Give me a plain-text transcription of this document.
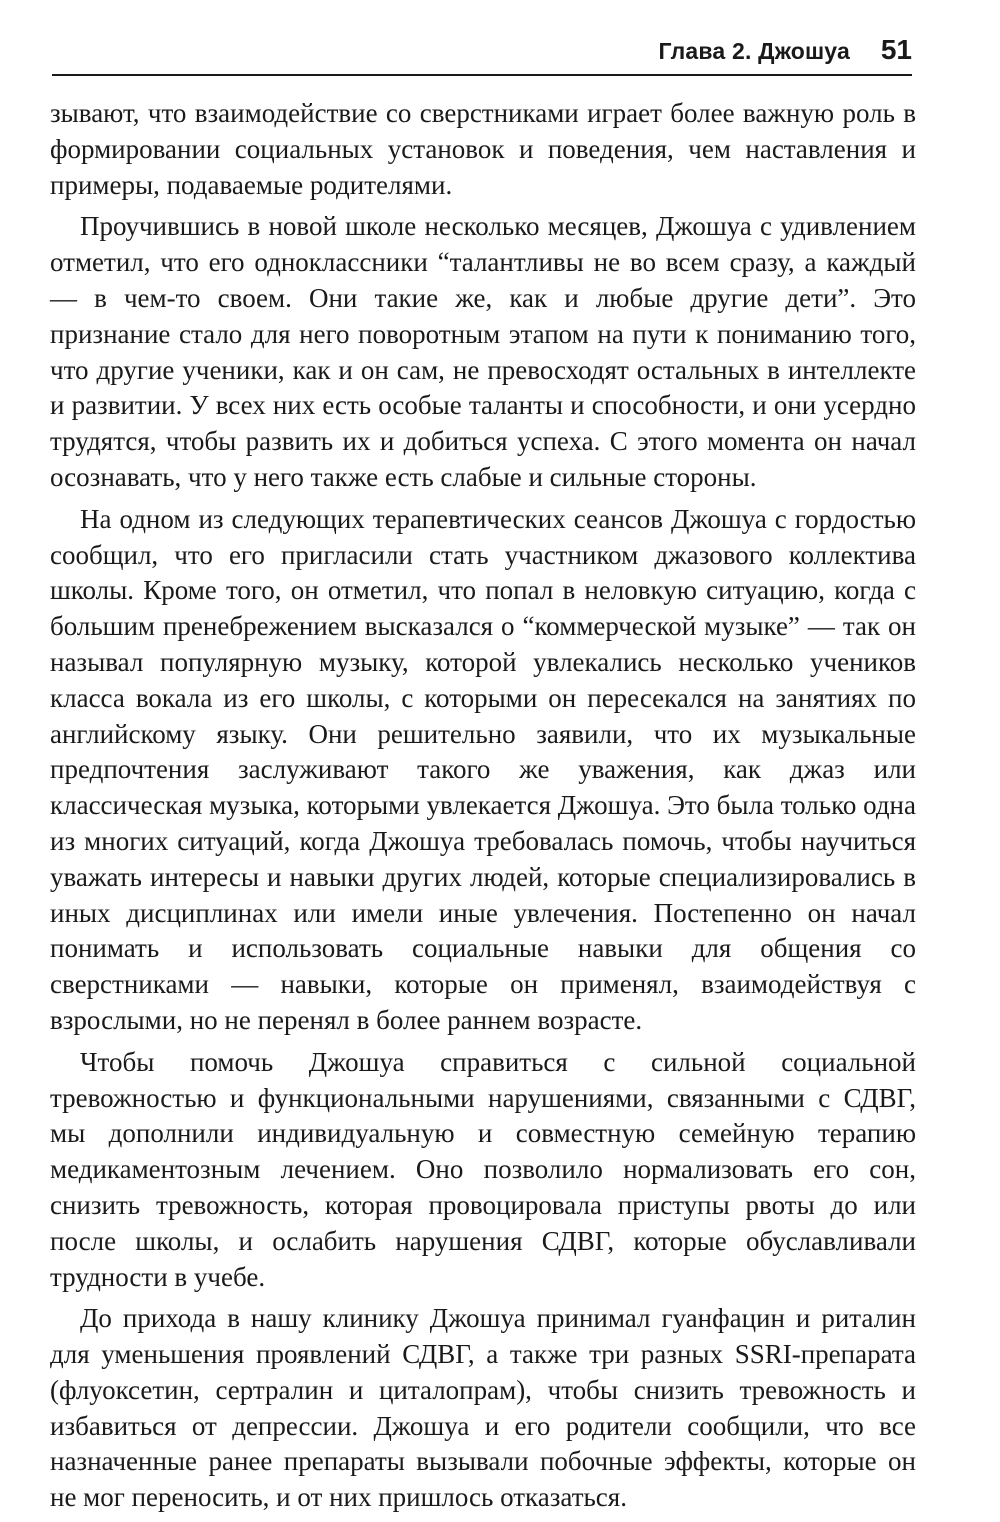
Глава 2. Джошуа 51

зывают, что взаимодействие со сверстниками играет более важную роль в формировании социальных установок и поведения, чем наставления и примеры, подаваемые родителями.

Проучившись в новой школе несколько месяцев, Джошуа с удивлением отметил, что его одноклассники “талантливы не во всем сразу, а каждый — в чем-то своем. Они такие же, как и любые другие дети”. Это признание стало для него поворотным этапом на пути к пониманию того, что другие ученики, как и он сам, не превосходят остальных в интеллекте и развитии. У всех них есть особые таланты и способности, и они усердно трудятся, чтобы развить их и добиться успеха. С этого момента он начал осознавать, что у него также есть слабые и сильные стороны.

На одном из следующих терапевтических сеансов Джошуа с гордостью сообщил, что его пригласили стать участником джазового коллектива школы. Кроме того, он отметил, что попал в неловкую ситуацию, когда с большим пренебрежением высказался о “коммерческой музыке” — так он называл популярную музыку, которой увлекались несколько учеников класса вокала из его школы, с которыми он пересекался на занятиях по английскому языку. Они решительно заявили, что их музыкальные предпочтения заслуживают такого же уважения, как джаз или классическая музыка, которыми увлекается Джошуа. Это была только одна из многих ситуаций, когда Джошуа требовалась помочь, чтобы научиться уважать интересы и навыки других людей, которые специализировались в иных дисциплинах или имели иные увлечения. Постепенно он начал понимать и использовать социальные навыки для общения со сверстниками — навыки, которые он применял, взаимодействуя с взрослыми, но не перенял в более раннем возрасте.

Чтобы помочь Джошуа справиться с сильной социальной тревожностью и функциональными нарушениями, связанными с СДВГ, мы дополнили индивидуальную и совместную семейную терапию медикаментозным лечением. Оно позволило нормализовать его сон, снизить тревожность, которая провоцировала приступы рвоты до или после школы, и ослабить нарушения СДВГ, которые обуславливали трудности в учебе.

До прихода в нашу клинику Джошуа принимал гуанфацин и риталин для уменьшения проявлений СДВГ, а также три разных SSRI-препарата (флуоксетин, сертралин и циталопрам), чтобы снизить тревожность и избавиться от депрессии. Джошуа и его родители сообщили, что все назначенные ранее препараты вызывали побочные эффекты, которые он не мог переносить, и от них пришлось отказаться.
